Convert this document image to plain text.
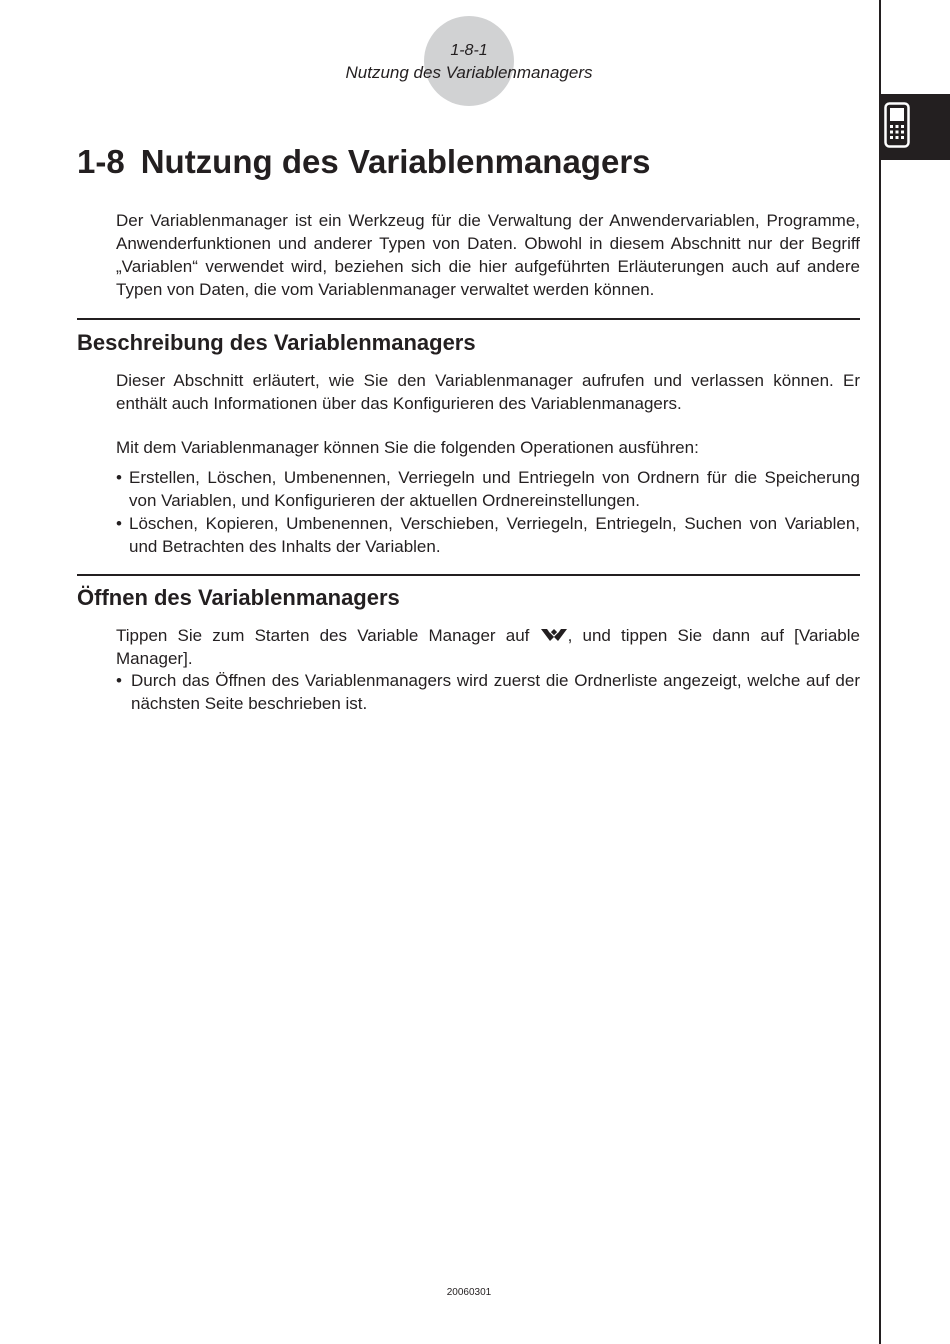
1-8-1
Nutzung des Variablenmanagers
1-8 Nutzung des Variablenmanagers

Der Variablenmanager ist ein Werkzeug für die Verwaltung der Anwendervariablen, Programme, Anwenderfunktionen und anderer Typen von Daten. Obwohl in diesem Abschnitt nur der Begriff „Variablen“ verwendet wird, beziehen sich die hier aufgeführten Erläuterungen auch auf andere Typen von Daten, die vom Variablenmanager verwaltet werden können.

Beschreibung des Variablenmanagers

Dieser Abschnitt erläutert, wie Sie den Variablenmanager aufrufen und verlassen können. Er enthält auch Informationen über das Konfigurieren des Variablenmanagers.

Mit dem Variablenmanager können Sie die folgenden Operationen ausführen:

• Erstellen, Löschen, Umbenennen, Verriegeln und Entriegeln von Ordnern für die Speicherung von Variablen, und Konfigurieren der aktuellen Ordnereinstellungen.
• Löschen, Kopieren, Umbenennen, Verschieben, Verriegeln, Entriegeln, Suchen von Variablen, und Betrachten des Inhalts der Variablen.
Öffnen des Variablenmanagers

Tippen Sie zum Starten des Variable Manager auf , und tippen Sie dann auf [Variable Manager].

• Durch das Öffnen des Variablenmanagers wird zuerst die Ordnerliste angezeigt, welche auf der nächsten Seite beschrieben ist.
20060301
